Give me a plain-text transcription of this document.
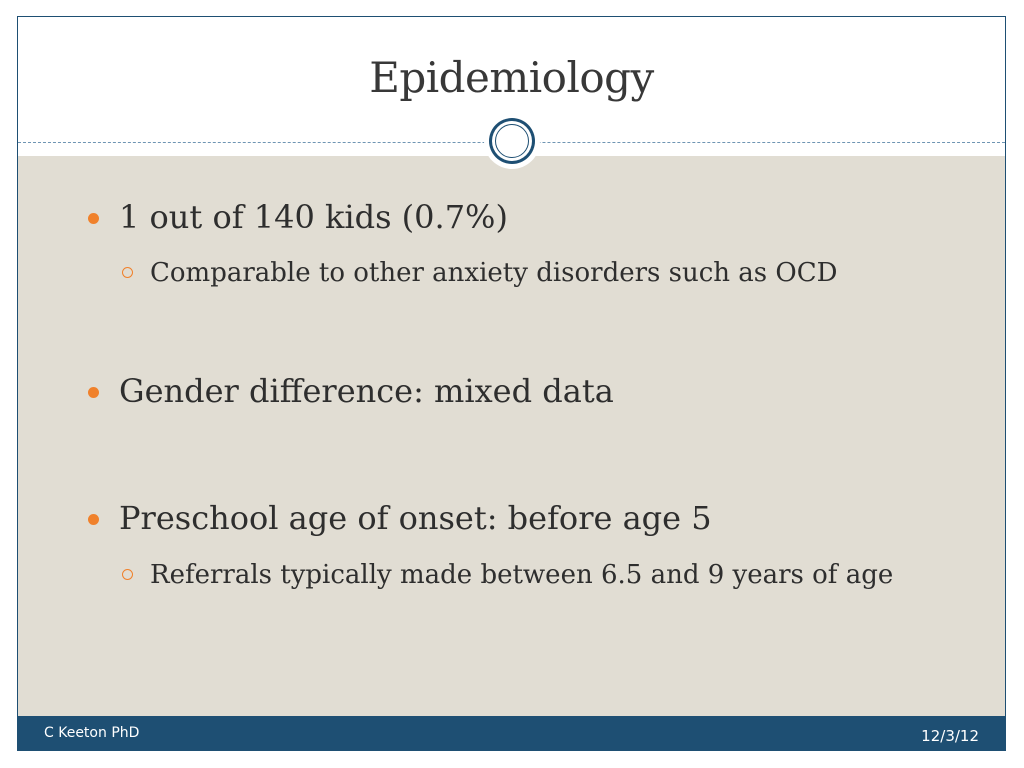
Epidemiology
1 out of 140 kids (0.7%)
Comparable to other anxiety disorders such as OCD
Gender difference: mixed data
Preschool age of onset: before age 5
Referrals typically made between 6.5 and 9 years of age
C Keeton PhD	12/3/12
